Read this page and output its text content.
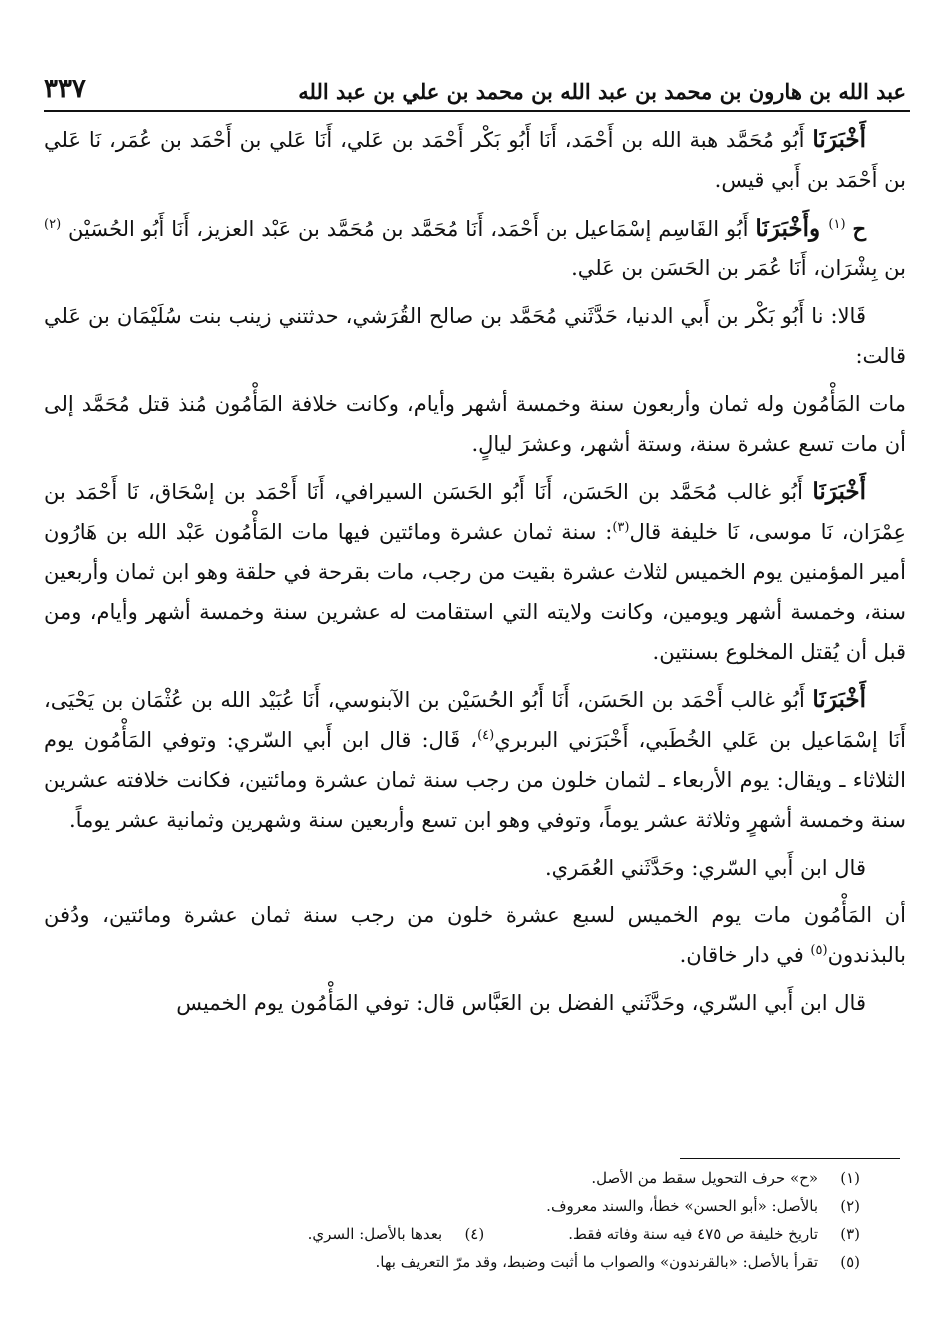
عبد الله بن هارون بن محمد بن عبد الله بن محمد بن علي بن عبد الله
٣٣٧

أَخْبَرَنَا أَبُو مُحَمَّد هبة الله بن أَحْمَد، أَنَا أَبُو بَكْر أَحْمَد بن عَلي، أَنَا عَلي بن أَحْمَد بن عُمَر، نَا عَلي بن أَحْمَد بن أَبي قيس.

ح $^{(١)}$ وأَخْبَرَنَا أَبُو القَاسِم إسْمَاعيل بن أَحْمَد، أَنَا مُحَمَّد بن مُحَمَّد بن عَبْد العزيز، أَنَا أَبُو الحُسَيْن $^{(٢)}$ بن بِشْرَان، أَنَا عُمَر بن الحَسَن بن عَلي.

قَالا: نا أَبُو بَكْر بن أَبي الدنيا، حَدَّثَني مُحَمَّد بن صالح القُرَشي، حدثتني زينب بنت سُلَيْمَان بن عَلي قالت:

مات المَأْمُون وله ثمان وأربعون سنة وخمسة أشهر وأيام، وكانت خلافة المَأْمُون مُنذ قتل مُحَمَّد إلى أن مات تسع عشرة سنة، وستة أشهر، وعشرَ ليالٍ.

أَخْبَرَنَا أَبُو غالب مُحَمَّد بن الحَسَن، أَنَا أَبُو الحَسَن السيرافي، أَنَا أَحْمَد بن إسْحَاق، نَا أَحْمَد بن عِمْرَان، نَا موسى، نَا خليفة قال$^{(٣)}$: سنة ثمان عشرة ومائتين فيها مات المَأْمُون عَبْد الله بن هَارُون أمير المؤمنين يوم الخميس لثلاث عشرة بقيت من رجب، مات بقرحة في حلقة وهو ابن ثمان وأربعين سنة، وخمسة أشهر ويومين، وكانت ولايته التي استقامت له عشرين سنة وخمسة أشهر وأيام، ومن قبل أن يُقتل المخلوع بسنتين.

أَخْبَرَنَا أَبُو غالب أَحْمَد بن الحَسَن، أَنَا أَبُو الحُسَيْن بن الآبنوسي، أَنَا عُبَيْد الله بن عُثْمَان بن يَحْيَى، أَنَا إسْمَاعيل بن عَلي الخُطَبي، أَخْبَرَني البربري$^{(٤)}$، قَال: قال ابن أَبي السّري: وتوفي المَأْمُون يوم الثلاثاء ـ ويقال: يوم الأربعاء ـ لثمان خلون من رجب سنة ثمان عشرة ومائتين، فكانت خلافته عشرين سنة وخمسة أشهرٍ وثلاثة عشر يوماً، وتوفي وهو ابن تسع وأربعين سنة وشهرين وثمانية عشر يوماً.

قال ابن أَبي السّري: وحَدَّثَني العُمَري.

أن المَأْمُون مات يوم الخميس لسبع عشرة خلون من رجب سنة ثمان عشرة ومائتين، ودُفن بالبذندون$^{(٥)}$ في دار خاقان.

قال ابن أَبي السّري، وحَدَّثَني الفضل بن العَبَّاس قال: توفي المَأْمُون يوم الخميس

(١)
«ح» حرف التحويل سقط من الأصل.
(٢)
بالأصل: «أبو الحسن» خطأ، والسند معروف.
(٣)
تاريخ خليفة ص ٤٧٥ فيه سنة وفاته فقط.
(٤)
بعدها بالأصل: السري.
(٥)
تقرأ بالأصل: «بالقرندون» والصواب ما أثبت وضبط، وقد مرّ التعريف بها.
